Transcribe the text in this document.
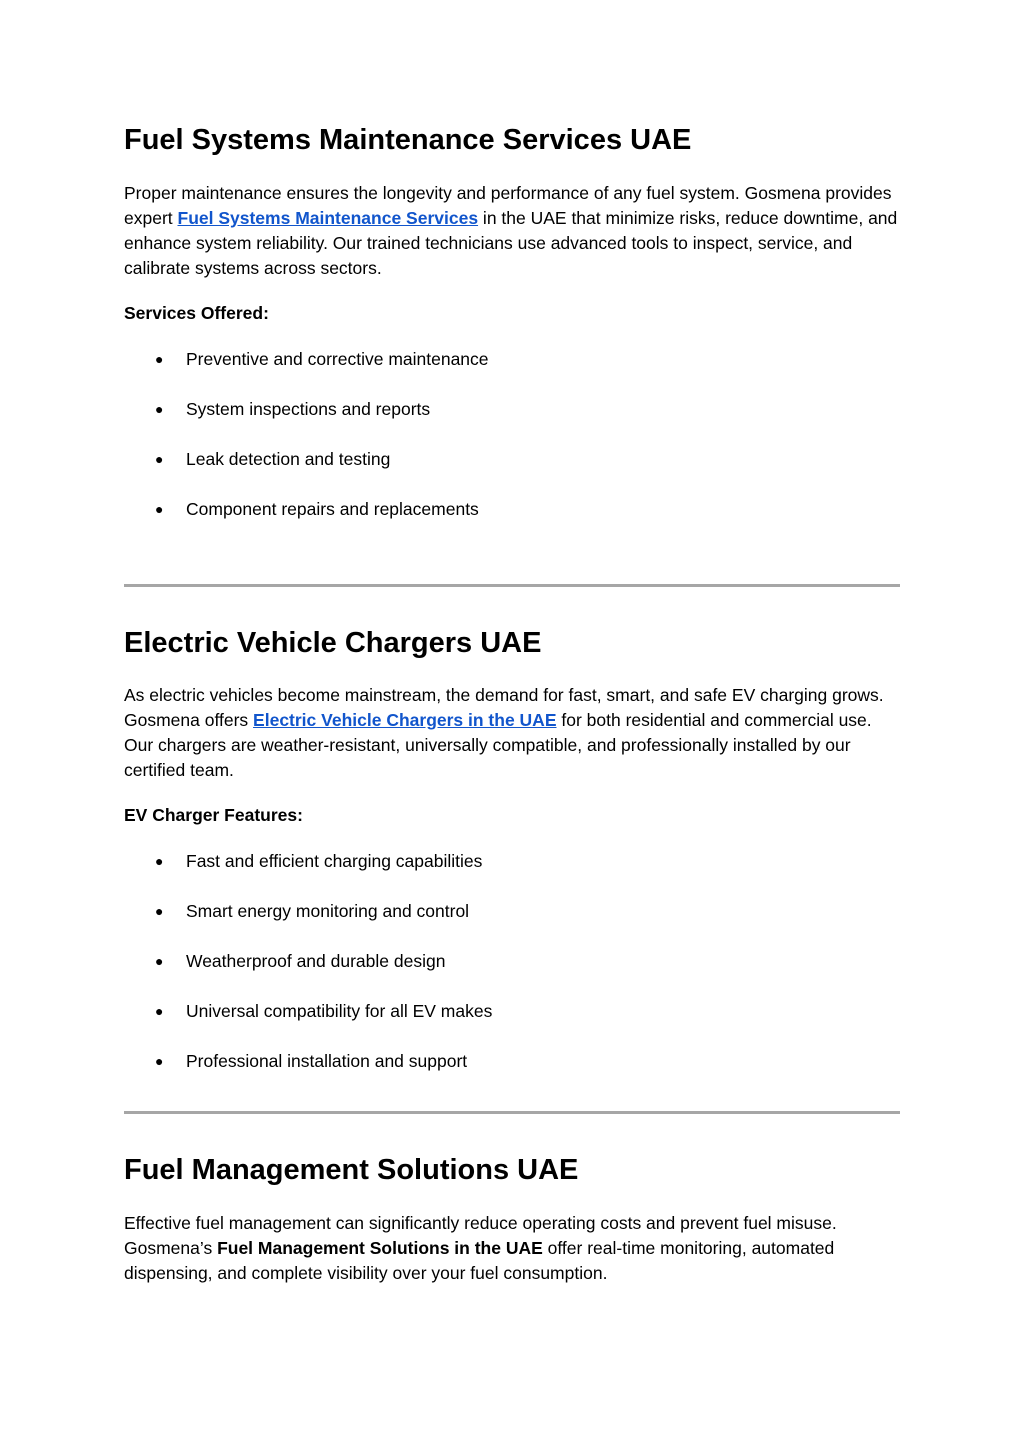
Fuel Systems Maintenance Services UAE

Proper maintenance ensures the longevity and performance of any fuel system. Gosmena provides expert Fuel Systems Maintenance Services in the UAE that minimize risks, reduce downtime, and enhance system reliability. Our trained technicians use advanced tools to inspect, service, and calibrate systems across sectors.

Services Offered:

● Preventive and corrective maintenance
● System inspections and reports
● Leak detection and testing
● Component repairs and replacements
Electric Vehicle Chargers UAE

As electric vehicles become mainstream, the demand for fast, smart, and safe EV charging grows. Gosmena offers Electric Vehicle Chargers in the UAE for both residential and commercial use. Our chargers are weather-resistant, universally compatible, and professionally installed by our certified team.

EV Charger Features:

● Fast and efficient charging capabilities
● Smart energy monitoring and control
● Weatherproof and durable design
● Universal compatibility for all EV makes
● Professional installation and support
Fuel Management Solutions UAE

Effective fuel management can significantly reduce operating costs and prevent fuel misuse. Gosmena’s Fuel Management Solutions in the UAE offer real-time monitoring, automated dispensing, and complete visibility over your fuel consumption.
